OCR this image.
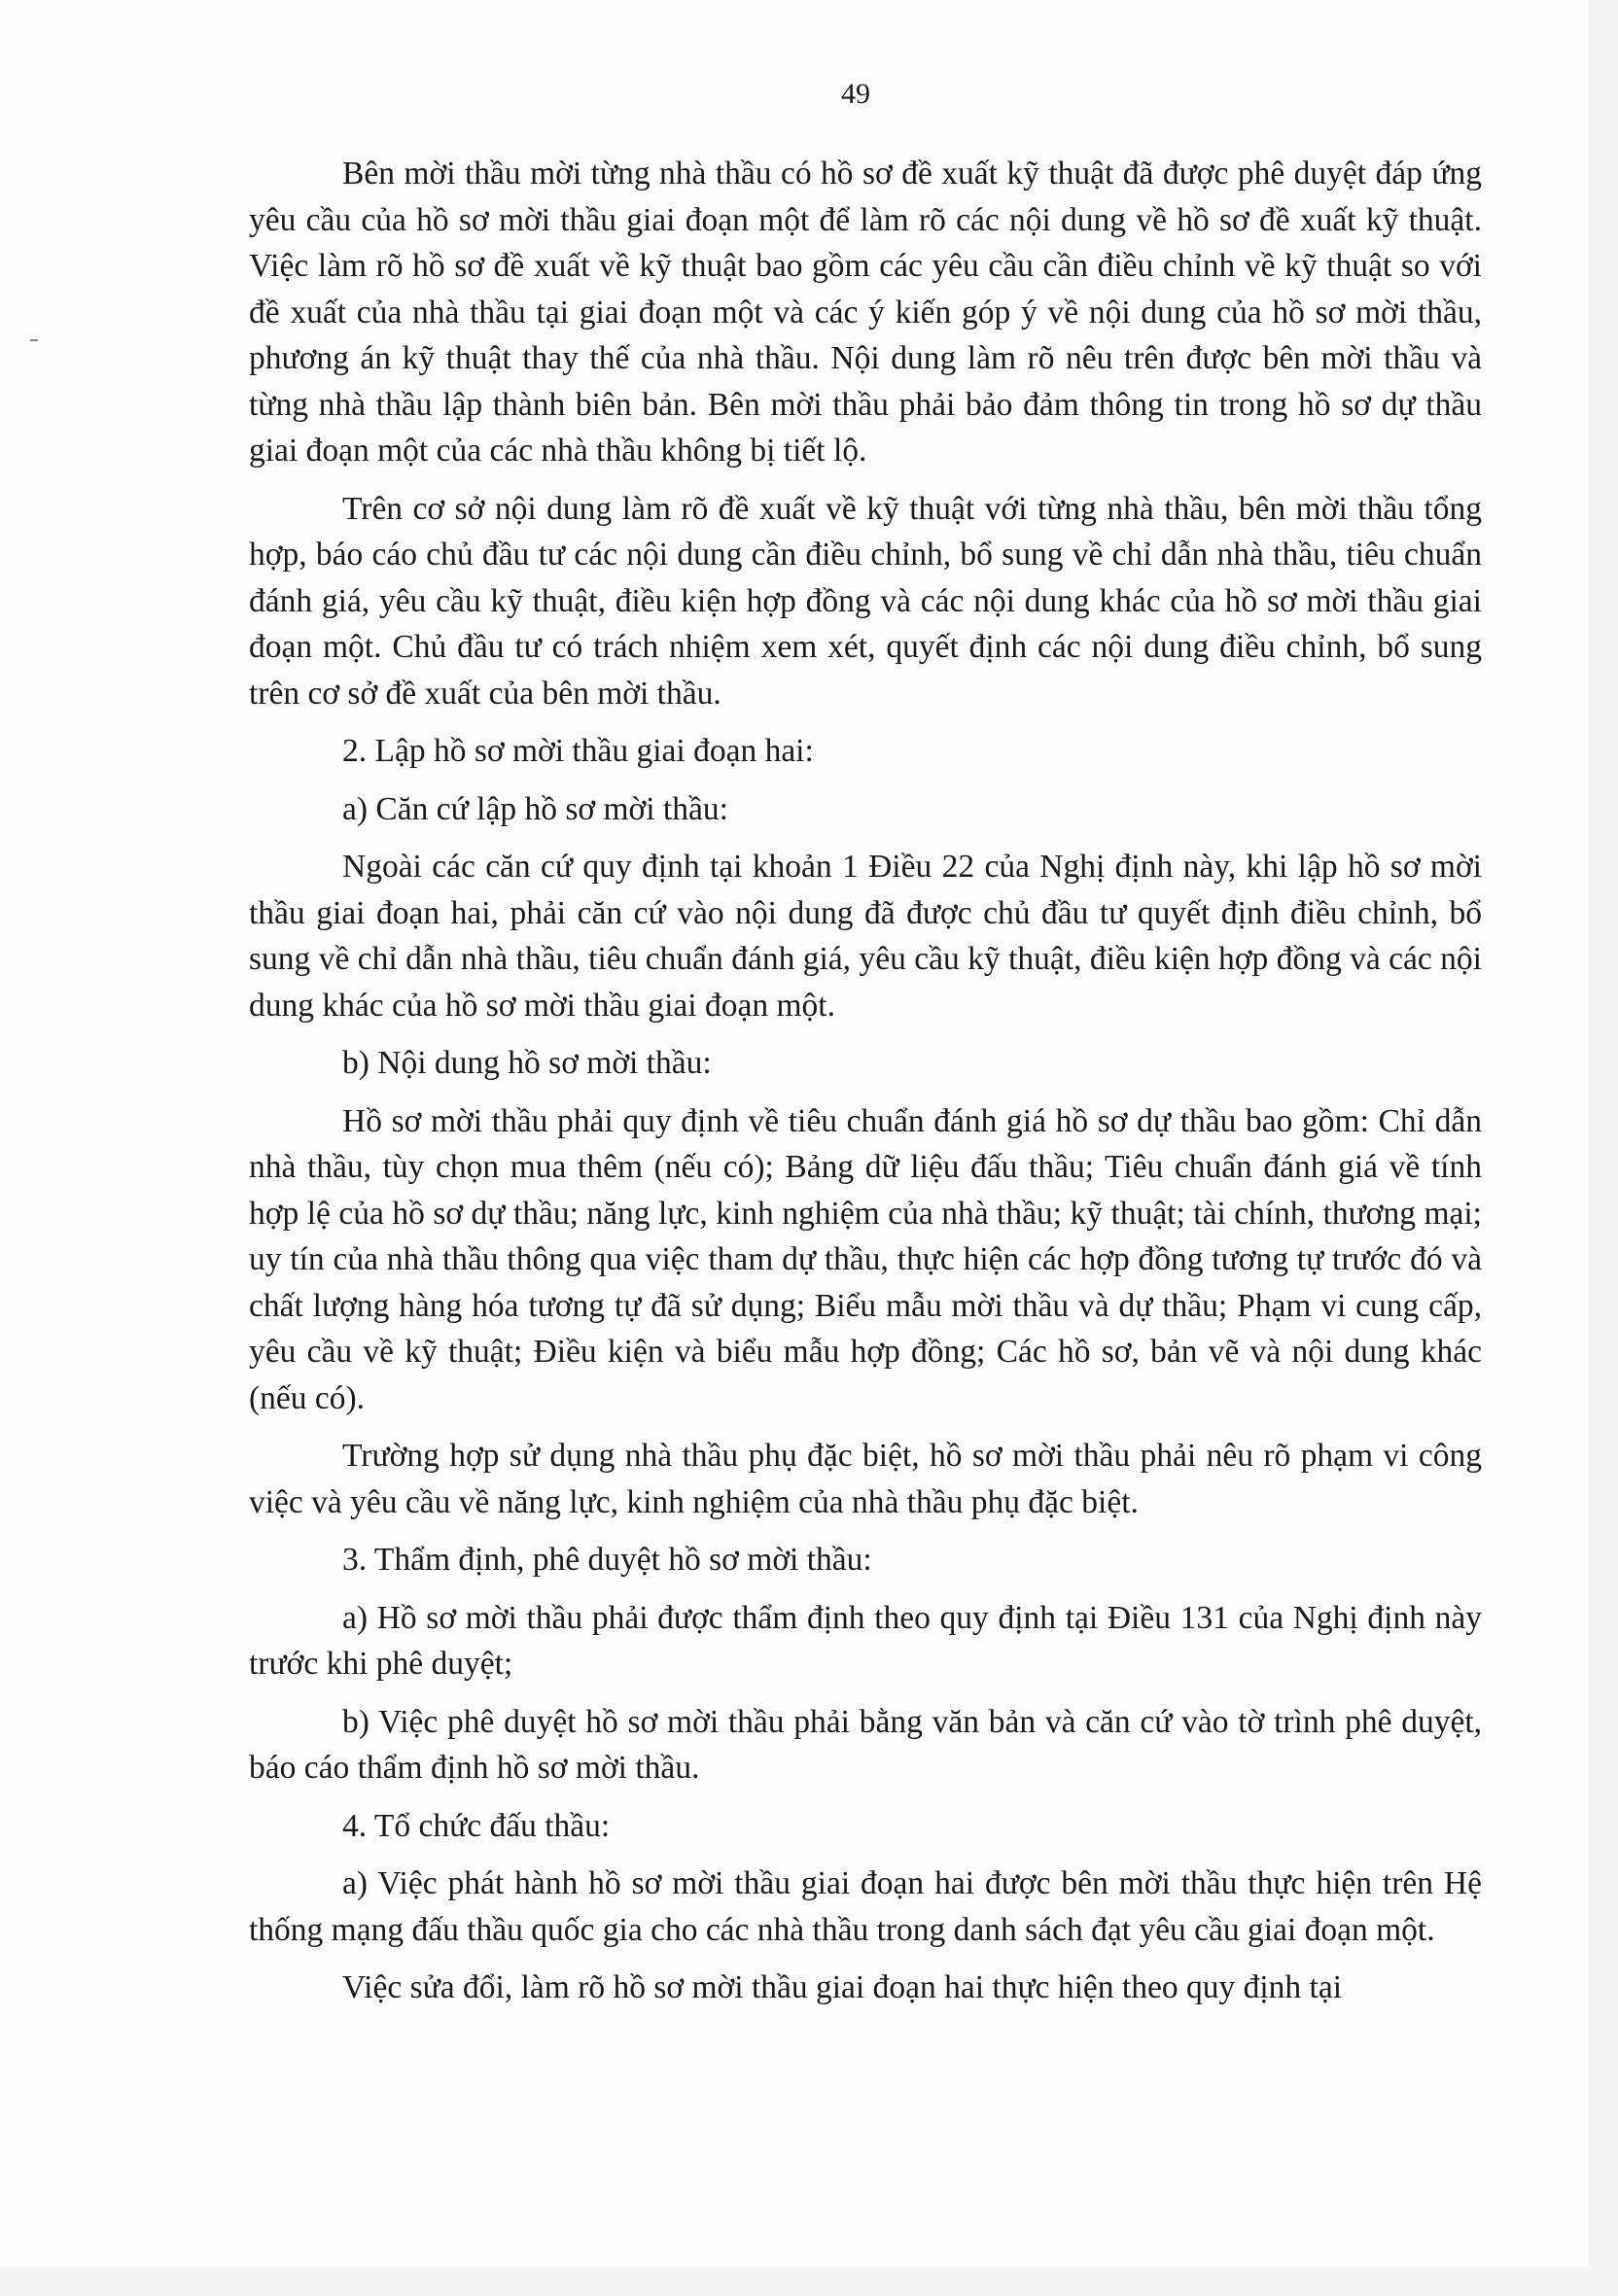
49

Bên mời thầu mời từng nhà thầu có hồ sơ đề xuất kỹ thuật đã được phê duyệt đáp ứng yêu cầu của hồ sơ mời thầu giai đoạn một để làm rõ các nội dung về hồ sơ đề xuất kỹ thuật. Việc làm rõ hồ sơ đề xuất về kỹ thuật bao gồm các yêu cầu cần điều chỉnh về kỹ thuật so với đề xuất của nhà thầu tại giai đoạn một và các ý kiến góp ý về nội dung của hồ sơ mời thầu, phương án kỹ thuật thay thế của nhà thầu. Nội dung làm rõ nêu trên được bên mời thầu và từng nhà thầu lập thành biên bản. Bên mời thầu phải bảo đảm thông tin trong hồ sơ dự thầu giai đoạn một của các nhà thầu không bị tiết lộ.

Trên cơ sở nội dung làm rõ đề xuất về kỹ thuật với từng nhà thầu, bên mời thầu tổng hợp, báo cáo chủ đầu tư các nội dung cần điều chỉnh, bổ sung về chỉ dẫn nhà thầu, tiêu chuẩn đánh giá, yêu cầu kỹ thuật, điều kiện hợp đồng và các nội dung khác của hồ sơ mời thầu giai đoạn một. Chủ đầu tư có trách nhiệm xem xét, quyết định các nội dung điều chỉnh, bổ sung trên cơ sở đề xuất của bên mời thầu.

2. Lập hồ sơ mời thầu giai đoạn hai:

a) Căn cứ lập hồ sơ mời thầu:

Ngoài các căn cứ quy định tại khoản 1 Điều 22 của Nghị định này, khi lập hồ sơ mời thầu giai đoạn hai, phải căn cứ vào nội dung đã được chủ đầu tư quyết định điều chỉnh, bổ sung về chỉ dẫn nhà thầu, tiêu chuẩn đánh giá, yêu cầu kỹ thuật, điều kiện hợp đồng và các nội dung khác của hồ sơ mời thầu giai đoạn một.

b) Nội dung hồ sơ mời thầu:

Hồ sơ mời thầu phải quy định về tiêu chuẩn đánh giá hồ sơ dự thầu bao gồm: Chỉ dẫn nhà thầu, tùy chọn mua thêm (nếu có); Bảng dữ liệu đấu thầu; Tiêu chuẩn đánh giá về tính hợp lệ của hồ sơ dự thầu; năng lực, kinh nghiệm của nhà thầu; kỹ thuật; tài chính, thương mại; uy tín của nhà thầu thông qua việc tham dự thầu, thực hiện các hợp đồng tương tự trước đó và chất lượng hàng hóa tương tự đã sử dụng; Biểu mẫu mời thầu và dự thầu; Phạm vi cung cấp, yêu cầu về kỹ thuật; Điều kiện và biểu mẫu hợp đồng; Các hồ sơ, bản vẽ và nội dung khác (nếu có).

Trường hợp sử dụng nhà thầu phụ đặc biệt, hồ sơ mời thầu phải nêu rõ phạm vi công việc và yêu cầu về năng lực, kinh nghiệm của nhà thầu phụ đặc biệt.

3. Thẩm định, phê duyệt hồ sơ mời thầu:

a) Hồ sơ mời thầu phải được thẩm định theo quy định tại Điều 131 của Nghị định này trước khi phê duyệt;

b) Việc phê duyệt hồ sơ mời thầu phải bằng văn bản và căn cứ vào tờ trình phê duyệt, báo cáo thẩm định hồ sơ mời thầu.

4. Tổ chức đấu thầu:

a) Việc phát hành hồ sơ mời thầu giai đoạn hai được bên mời thầu thực hiện trên Hệ thống mạng đấu thầu quốc gia cho các nhà thầu trong danh sách đạt yêu cầu giai đoạn một.

Việc sửa đổi, làm rõ hồ sơ mời thầu giai đoạn hai thực hiện theo quy định tại
